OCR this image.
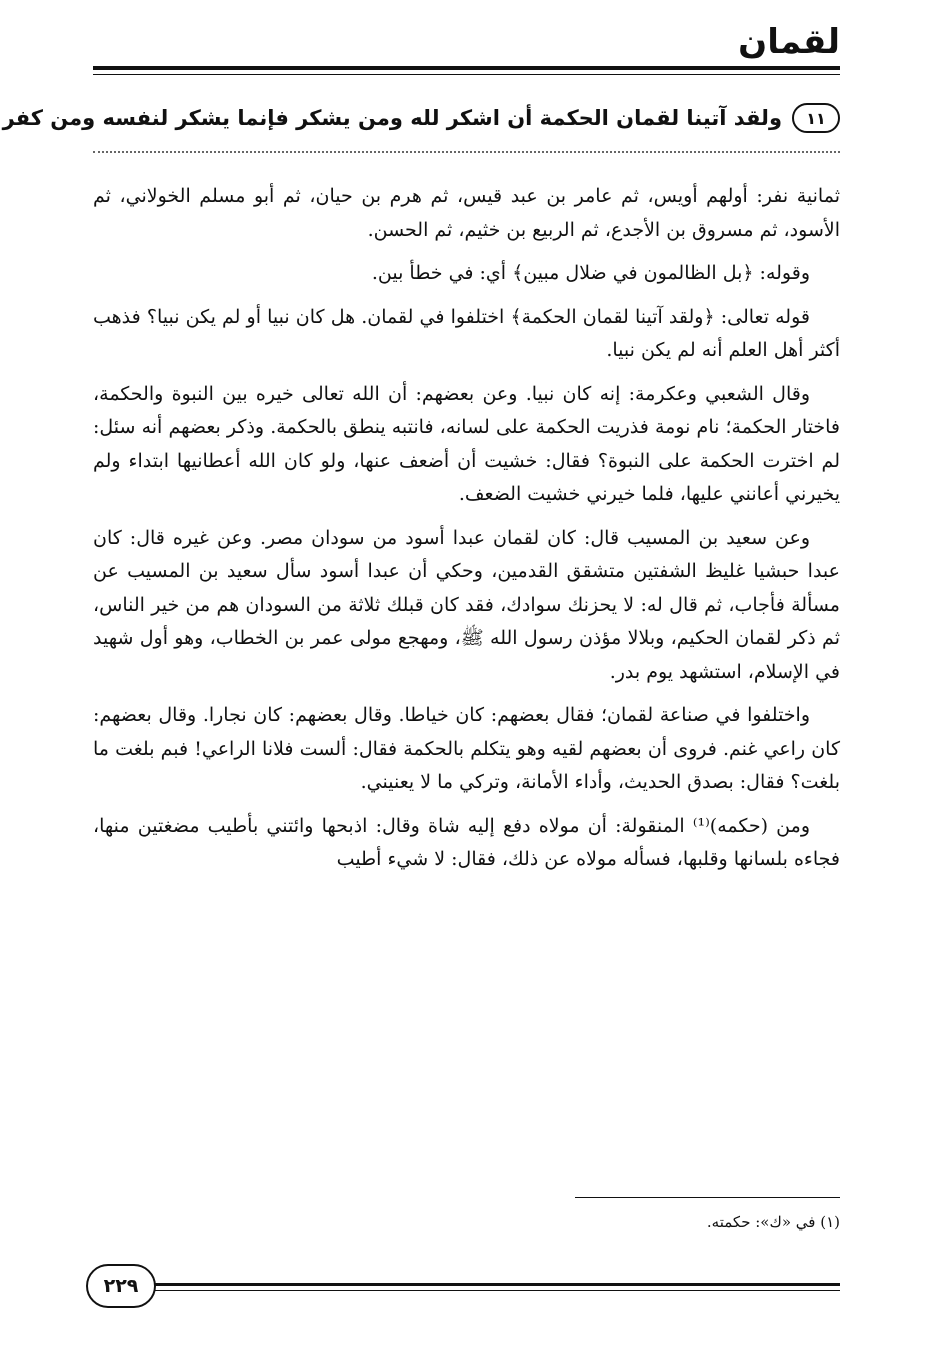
لقمان
١١
ولقد آتينا لقمان الحكمة أن اشكر لله ومن يشكر فإنما يشكر لنفسه ومن كفر

ثمانية نفر: أولهم أويس، ثم عامر بن عبد قيس، ثم هرم بن حيان، ثم أبو مسلم الخولاني، ثم الأسود، ثم مسروق بن الأجدع، ثم الربيع بن خثيم، ثم الحسن.

وقوله: ﴿بل الظالمون في ضلال مبين﴾ أي: في خطأ بين.

قوله تعالى: ﴿ولقد آتينا لقمان الحكمة﴾ اختلفوا في لقمان. هل كان نبيا أو لم يكن نبيا؟ فذهب أكثر أهل العلم أنه لم يكن نبيا.

وقال الشعبي وعكرمة: إنه كان نبيا. وعن بعضهم: أن الله تعالى خيره بين النبوة والحكمة، فاختار الحكمة؛ نام نومة فذريت الحكمة على لسانه، فانتبه ينطق بالحكمة. وذكر بعضهم أنه سئل: لم اخترت الحكمة على النبوة؟ فقال: خشيت أن أضعف عنها، ولو كان الله أعطانيها ابتداء ولم يخيرني أعانني عليها، فلما خيرني خشيت الضعف.

وعن سعيد بن المسيب قال: كان لقمان عبدا أسود من سودان مصر. وعن غيره قال: كان عبدا حبشيا غليظ الشفتين متشقق القدمين، وحكي أن عبدا أسود سأل سعيد بن المسيب عن مسألة فأجاب، ثم قال له: لا يحزنك سوادك، فقد كان قبلك ثلاثة من السودان هم من خير الناس، ثم ذكر لقمان الحكيم، وبلالا مؤذن رسول الله ﷺ، ومهجع مولى عمر بن الخطاب، وهو أول شهيد في الإسلام، استشهد يوم بدر.

واختلفوا في صناعة لقمان؛ فقال بعضهم: كان خياطا. وقال بعضهم: كان نجارا. وقال بعضهم: كان راعي غنم. فروى أن بعضهم لقيه وهو يتكلم بالحكمة فقال: ألست فلانا الراعي! فبم بلغت ما بلغت؟ فقال: بصدق الحديث، وأداء الأمانة، وتركي ما لا يعنيني.

ومن (حكمه)⁽¹⁾ المنقولة: أن مولاه دفع إليه شاة وقال: اذبحها وائتني بأطيب مضغتين منها، فجاءه بلسانها وقلبها، فسأله مولاه عن ذلك، فقال: لا شيء أطيب

(١) في «ك»: حكمته.
٢٢٩
